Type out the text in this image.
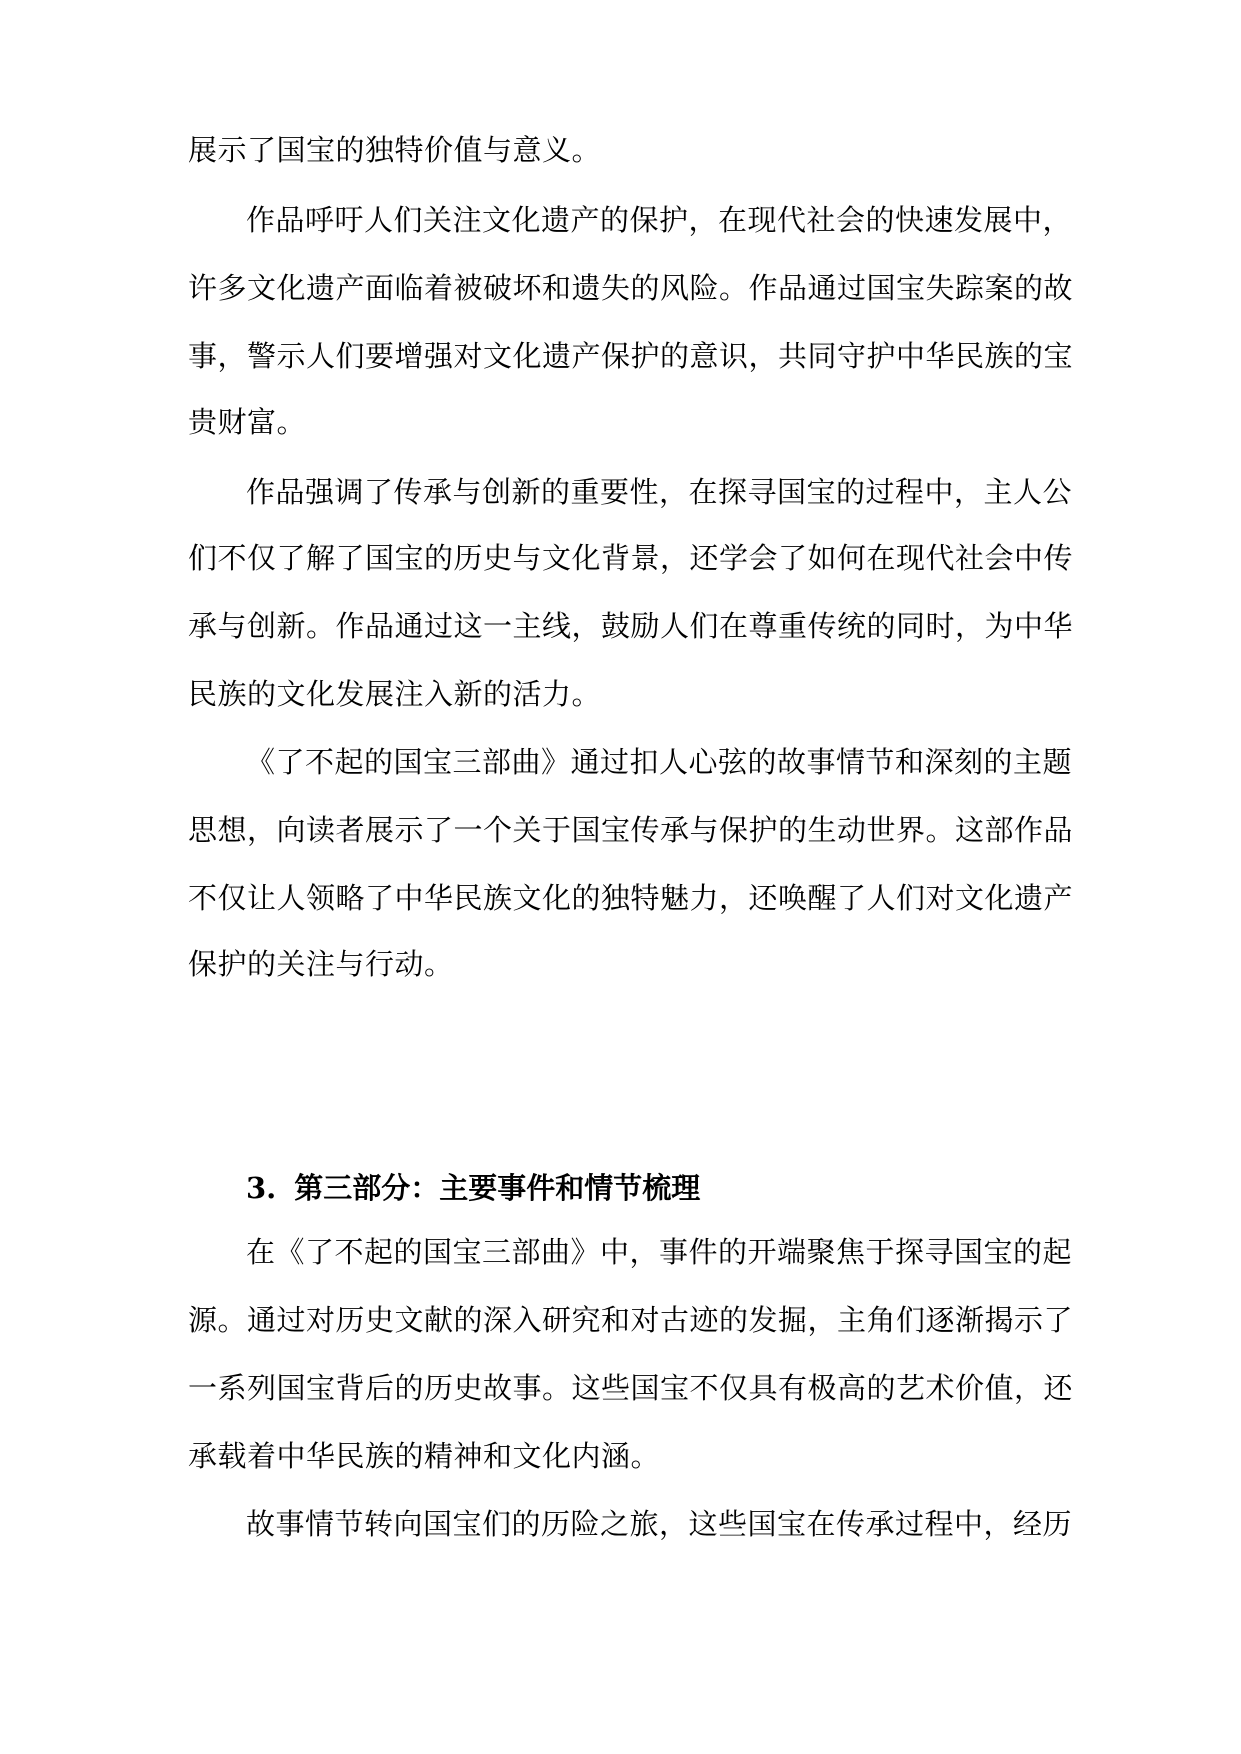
展示了国宝的独特价值与意义。
作品呼吁人们关注文化遗产的保护，在现代社会的快速发展中，
许多文化遗产面临着被破坏和遗失的风险。作品通过国宝失踪案的故
事，警示人们要增强对文化遗产保护的意识，共同守护中华民族的宝
贵财富。
作品强调了传承与创新的重要性，在探寻国宝的过程中，主人公
们不仅了解了国宝的历史与文化背景，还学会了如何在现代社会中传
承与创新。作品通过这一主线，鼓励人们在尊重传统的同时，为中华
民族的文化发展注入新的活力。
《了不起的国宝三部曲》通过扣人心弦的故事情节和深刻的主题
思想，向读者展示了一个关于国宝传承与保护的生动世界。这部作品
不仅让人领略了中华民族文化的独特魅力，还唤醒了人们对文化遗产
保护的关注与行动。
3. 第三部分：主要事件和情节梳理
在《了不起的国宝三部曲》中，事件的开端聚焦于探寻国宝的起
源。通过对历史文献的深入研究和对古迹的发掘，主角们逐渐揭示了
一系列国宝背后的历史故事。这些国宝不仅具有极高的艺术价值，还
承载着中华民族的精神和文化内涵。
故事情节转向国宝们的历险之旅，这些国宝在传承过程中，经历
